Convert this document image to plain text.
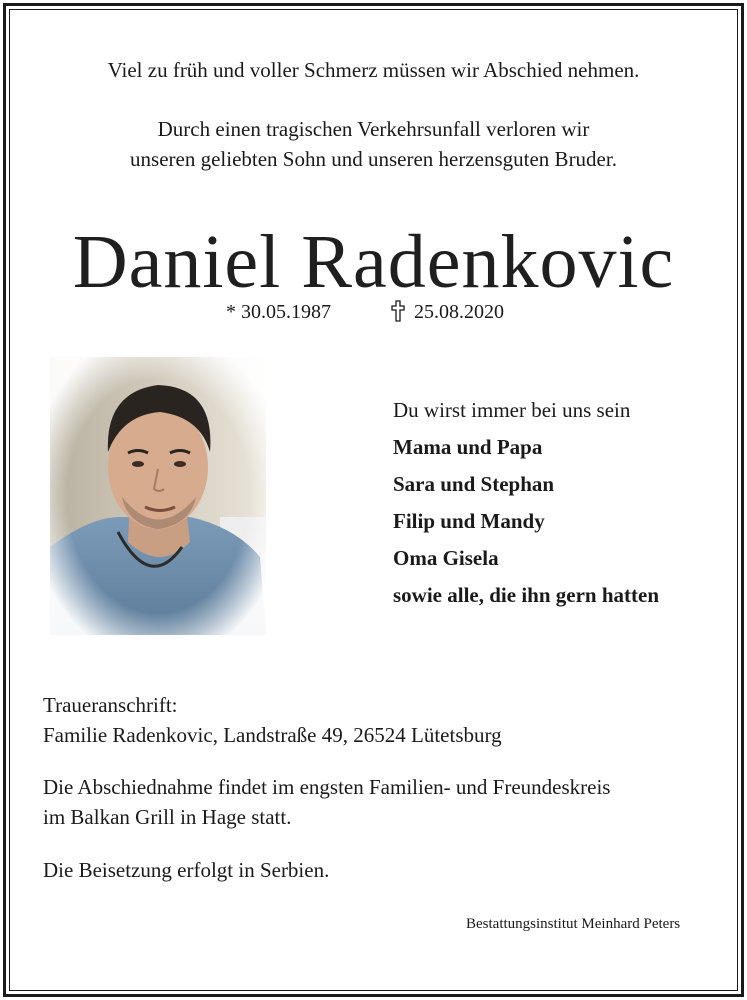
Viel zu früh und voller Schmerz müssen wir Abschied nehmen.
Durch einen tragischen Verkehrsunfall verloren wir
unseren geliebten Sohn und unseren herzensguten Bruder.
Daniel Radenkovic
* 30.05.1987	25.08.2020
Du wirst immer bei uns sein
Mama und Papa
Sara und Stephan
Filip und Mandy
Oma Gisela
sowie alle, die ihn gern hatten
Traueranschrift:
Familie Radenkovic, Landstraße 49, 26524 Lütetsburg
Die Abschiednahme findet im engsten Familien- und Freundeskreis
im Balkan Grill in Hage statt.
Die Beisetzung erfolgt in Serbien.
Bestattungsinstitut Meinhard Peters
